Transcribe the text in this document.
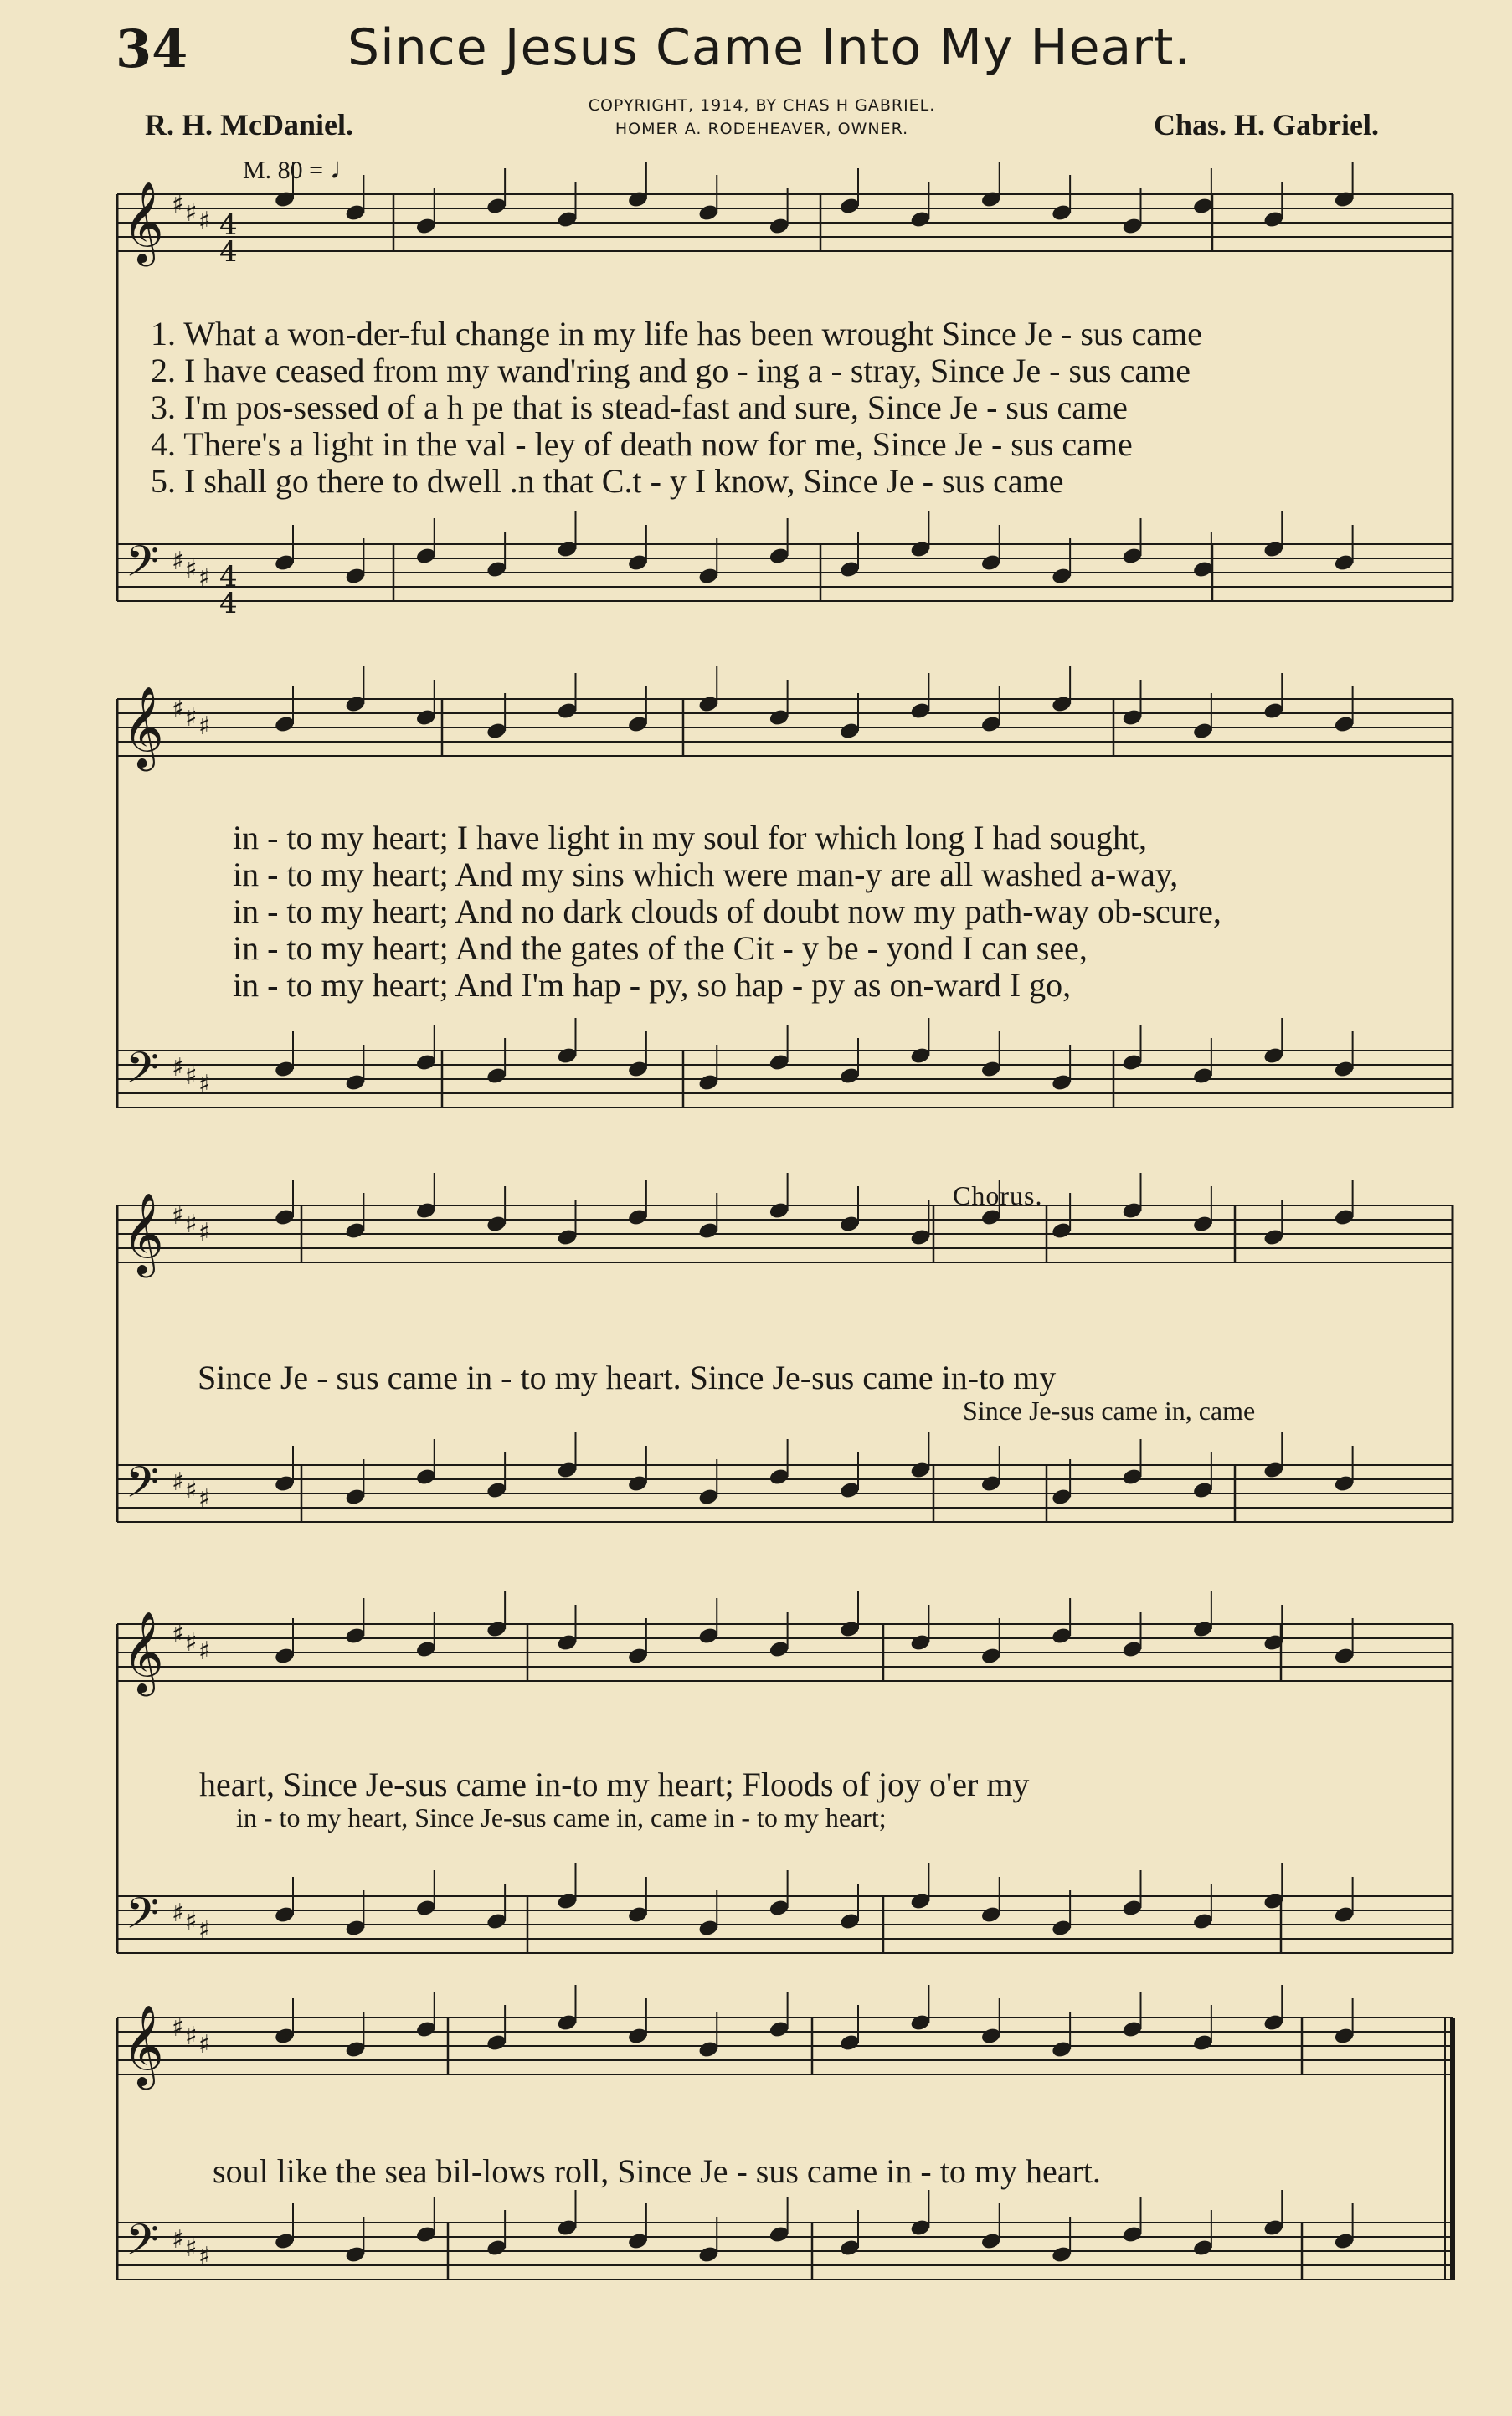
34	Since Jesus Came Into My Heart.
R. H. McDaniel.
COPYRIGHT, 1914, BY CHAS H GABRIEL.
HOMER A. RODEHEAVER, OWNER.	Chas. H. Gabriel.
M. 80 = ♩
𝄞
𝄢
♯
♯
♯
♯
♯
♯
𝄞
𝄢
♯
♯
♯
♯
♯
♯
𝄞
𝄢
♯
♯
♯
♯
♯
♯
𝄞
𝄢
♯
♯
♯
♯
♯
♯
𝄞
𝄢
♯
♯
♯
♯
♯
♯
4
4
4
4
1. What a won-der-ful change in my life has been wrought Since Je - sus came
2. I have ceased from my wand'ring and go - ing a - stray, Since Je - sus came
3. I'm pos-sessed of a h pe that is stead-fast and sure, Since Je - sus came
4. There's a light in the val - ley of death now for me, Since Je - sus came
5. I shall go there to dwell .n that C.t - y I know, Since Je - sus came
in - to my heart; I have light in my soul for which long I had sought,
in - to my heart; And my sins which were man-y are all washed a-way,
in - to my heart; And no dark clouds of doubt now my path-way ob-scure,
in - to my heart; And the gates of the Cit - y be - yond I can see,
in - to my heart; And I'm hap - py, so hap - py as on-ward I go,
Chorus.
Since Je - sus came in - to my heart. Since Je-sus came in-to my
Since Je-sus came in, came
heart, Since Je-sus came in-to my heart; Floods of joy o'er my
in - to my heart, Since Je-sus came in, came in - to my heart;
soul like the sea bil-lows roll, Since Je - sus came in - to my heart.
